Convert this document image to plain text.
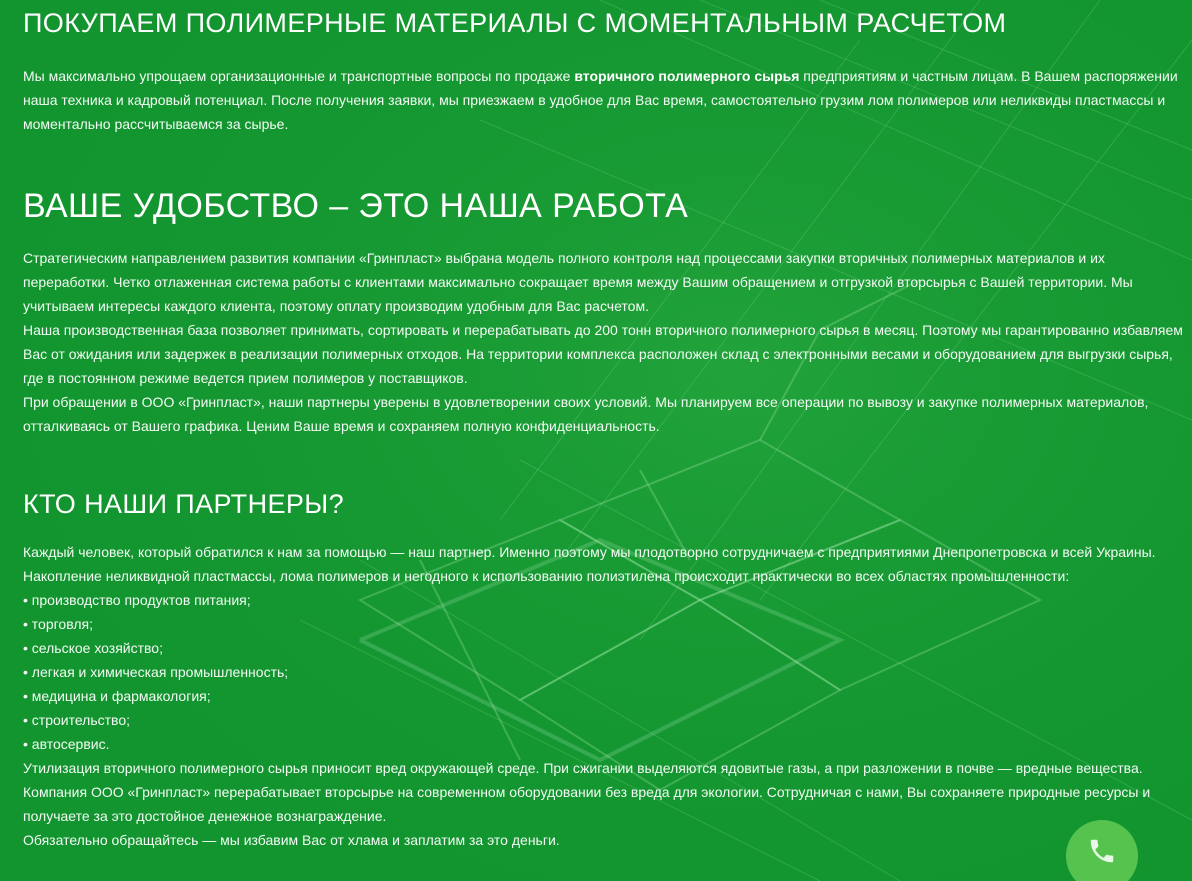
ПОКУПАЕМ ПОЛИМЕРНЫЕ МАТЕРИАЛЫ С МОМЕНТАЛЬНЫМ РАСЧЕТОМ

Мы максимально упрощаем организационные и транспортные вопросы по продаже вторичного полимерного сырья предприятиям и частным лицам. В Вашем распоряжении наша техника и кадровый потенциал. После получения заявки, мы приезжаем в удобное для Вас время, самостоятельно грузим лом полимеров или неликвиды пластмассы и моментально рассчитываемся за сырье.

ВАШЕ УДОБСТВО – ЭТО НАША РАБОТА

Стратегическим направлением развития компании «Гринпласт» выбрана модель полного контроля над процессами закупки вторичных полимерных материалов и их переработки. Четко отлаженная система работы с клиентами максимально сокращает время между Вашим обращением и отгрузкой вторсырья с Вашей территории. Мы учитываем интересы каждого клиента, поэтому оплату производим удобным для Вас расчетом.

Наша производственная база позволяет принимать, сортировать и перерабатывать до 200 тонн вторичного полимерного сырья в месяц. Поэтому мы гарантированно избавляем Вас от ожидания или задержек в реализации полимерных отходов. На территории комплекса расположен склад с электронными весами и оборудованием для выгрузки сырья, где в постоянном режиме ведется прием полимеров у поставщиков.

При обращении в ООО «Гринпласт», наши партнеры уверены в удовлетворении своих условий. Мы планируем все операции по вывозу и закупке полимерных материалов, отталкиваясь от Вашего графика. Ценим Ваше время и сохраняем полную конфиденциальность.

КТО НАШИ ПАРТНЕРЫ?

Каждый человек, который обратился к нам за помощью — наш партнер. Именно поэтому мы плодотворно сотрудничаем с предприятиями Днепропетровска и всей Украины. Накопление неликвидной пластмассы, лома полимеров и негодного к использованию полиэтилена происходит практически во всех областях промышленности:

• производство продуктов питания;
• торговля;
• сельское хозяйство;
• легкая и химическая промышленность;
• медицина и фармакология;
• строительство;
• автосервис.

Утилизация вторичного полимерного сырья приносит вред окружающей среде. При сжигании выделяются ядовитые газы, а при разложении в почве — вредные вещества. Компания ООО «Гринпласт» перерабатывает вторсырье на современном оборудовании без вреда для экологии. Сотрудничая с нами, Вы сохраняете природные ресурсы и получаете за это достойное денежное вознаграждение.

Обязательно обращайтесь — мы избавим Вас от хлама и заплатим за это деньги.
